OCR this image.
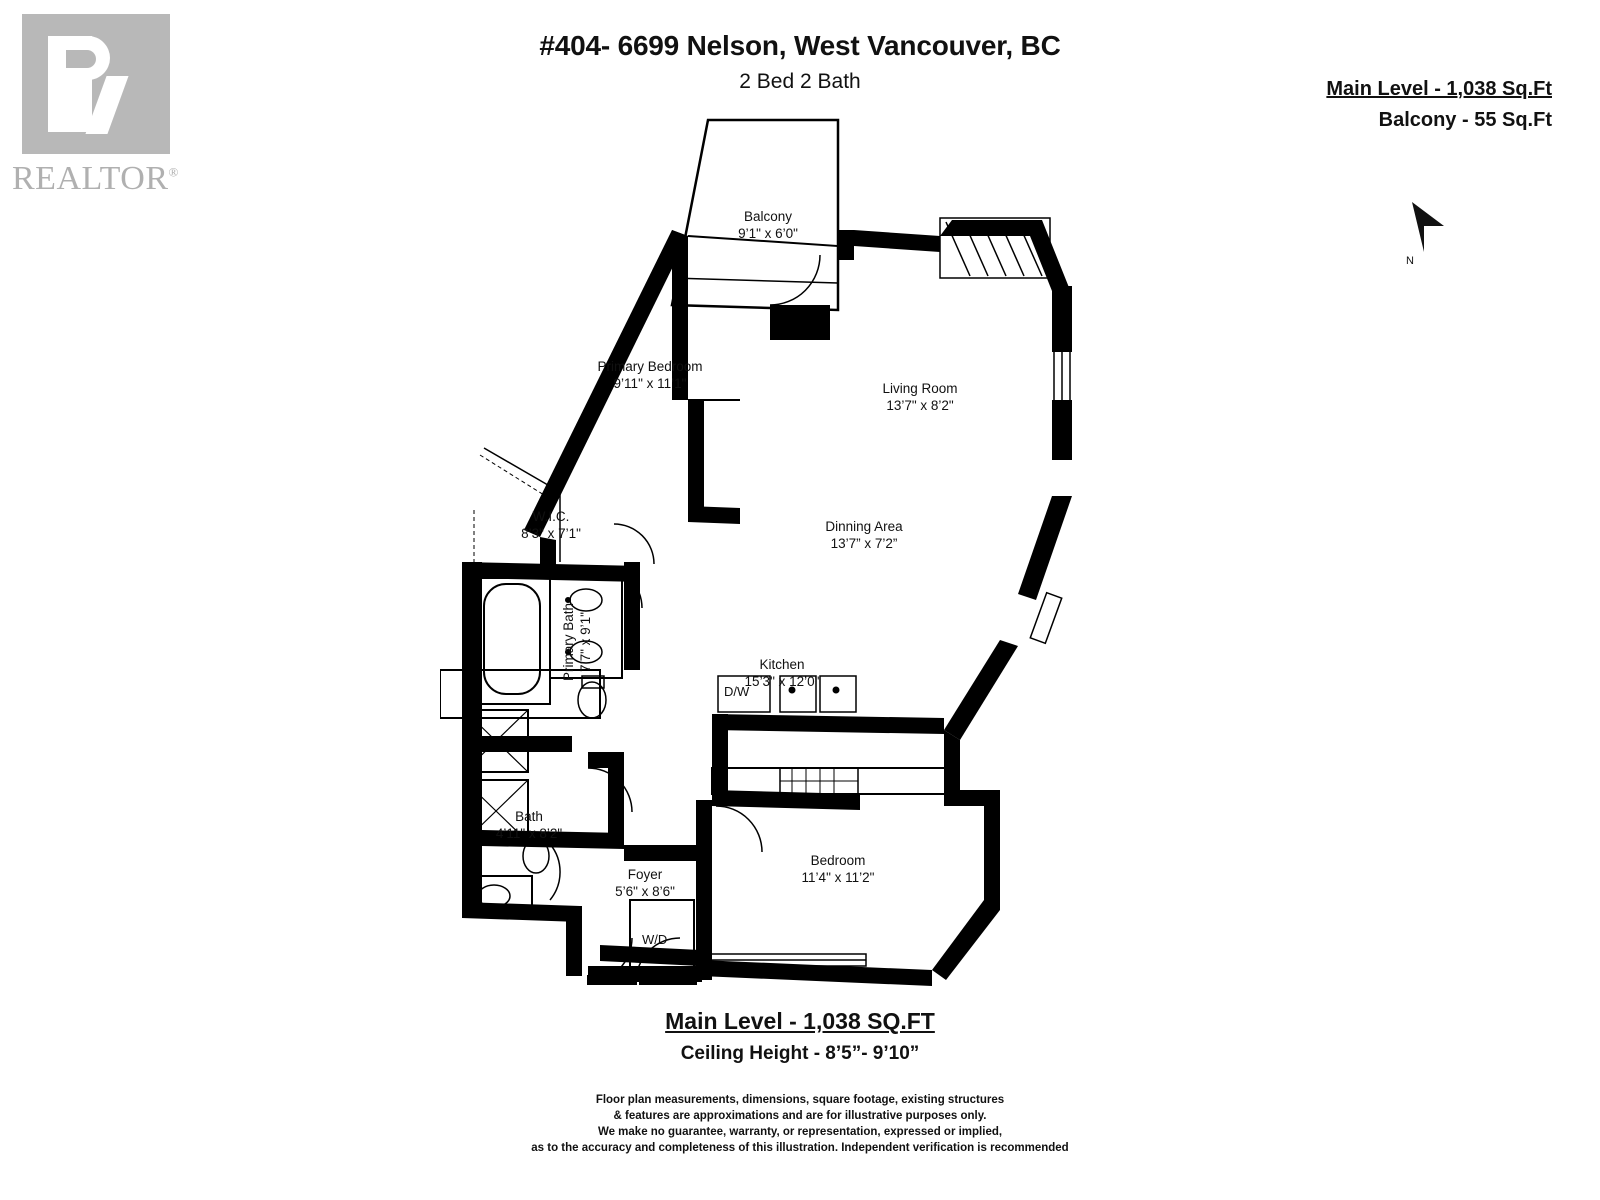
REALTOR®
#404- 6699 Nelson, West Vancouver, BC
2 Bed 2 Bath	Main Level - 1,038 Sq.Ft
Balcony - 55 Sq.Ft
N
Balcony
9’1" x 6’0"
Primary Bedroom
9’11" x 11’1"	Living Room
13’7" x 8’2"
Dinning Area
13’7” x 7’2”
W.I.C.
8’3" x 7’1"
Primary Bath 7’7" x 9’1"	Kitchen
15’3" x 12’0"
Bath
4’11" x 8’2"
Foyer
5’6" x 8’6"
Bedroom
11’4" x 11’2"
D/W
W/D
Main Level - 1,038 SQ.FT
Ceiling Height - 8’5”- 9’10”
Floor plan measurements, dimensions, square footage, existing structures
& features are approximations and are for illustrative purposes only.
We make no guarantee, warranty, or representation, expressed or implied,
as to the accuracy and completeness of this illustration. Independent verification is recommended
